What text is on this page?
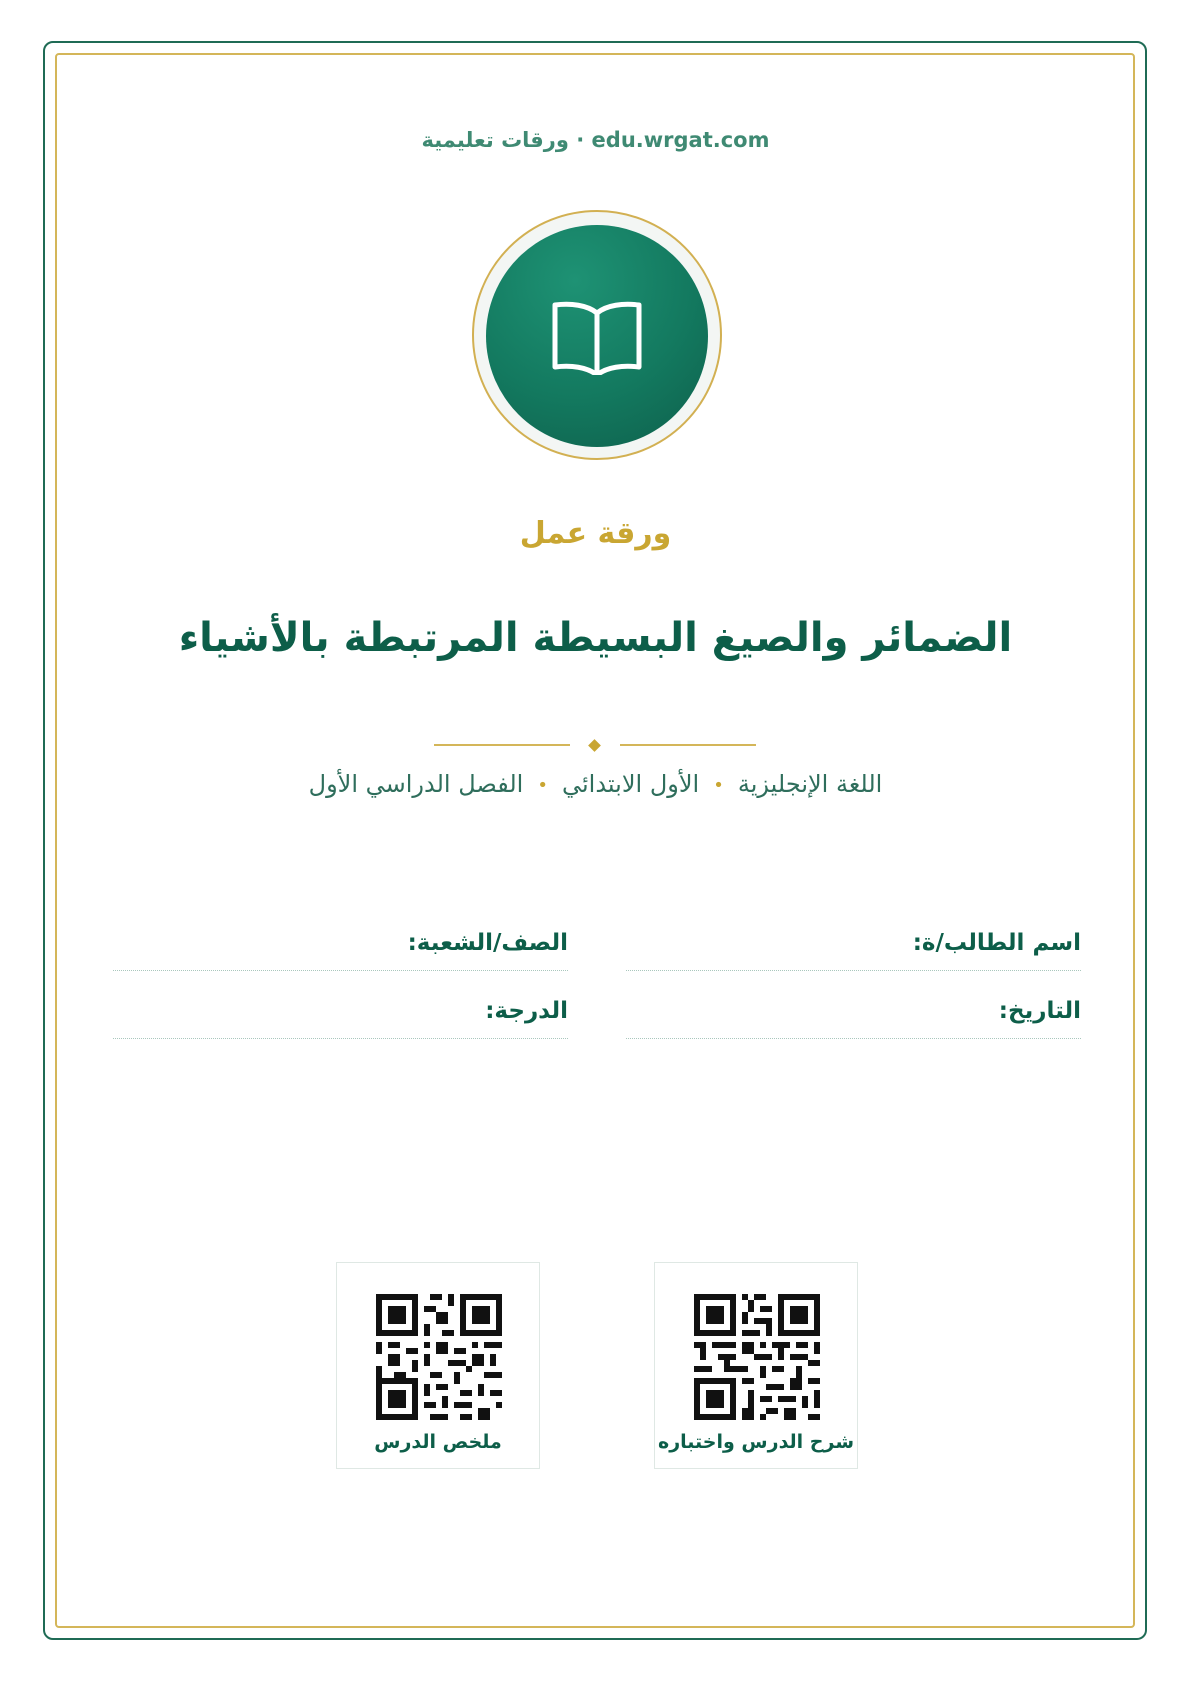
ورقات تعليمية · edu.wrgat.com
ورقة عمل
الضمائر والصيغ البسيطة المرتبطة بالأشياء
اللغة الإنجليزية•الأول الابتدائي•الفصل الدراسي الأول
اسم الطالب/ة:
الصف/الشعبة:
التاريخ:
الدرجة:
شرح الدرس واختباره
ملخص الدرس
